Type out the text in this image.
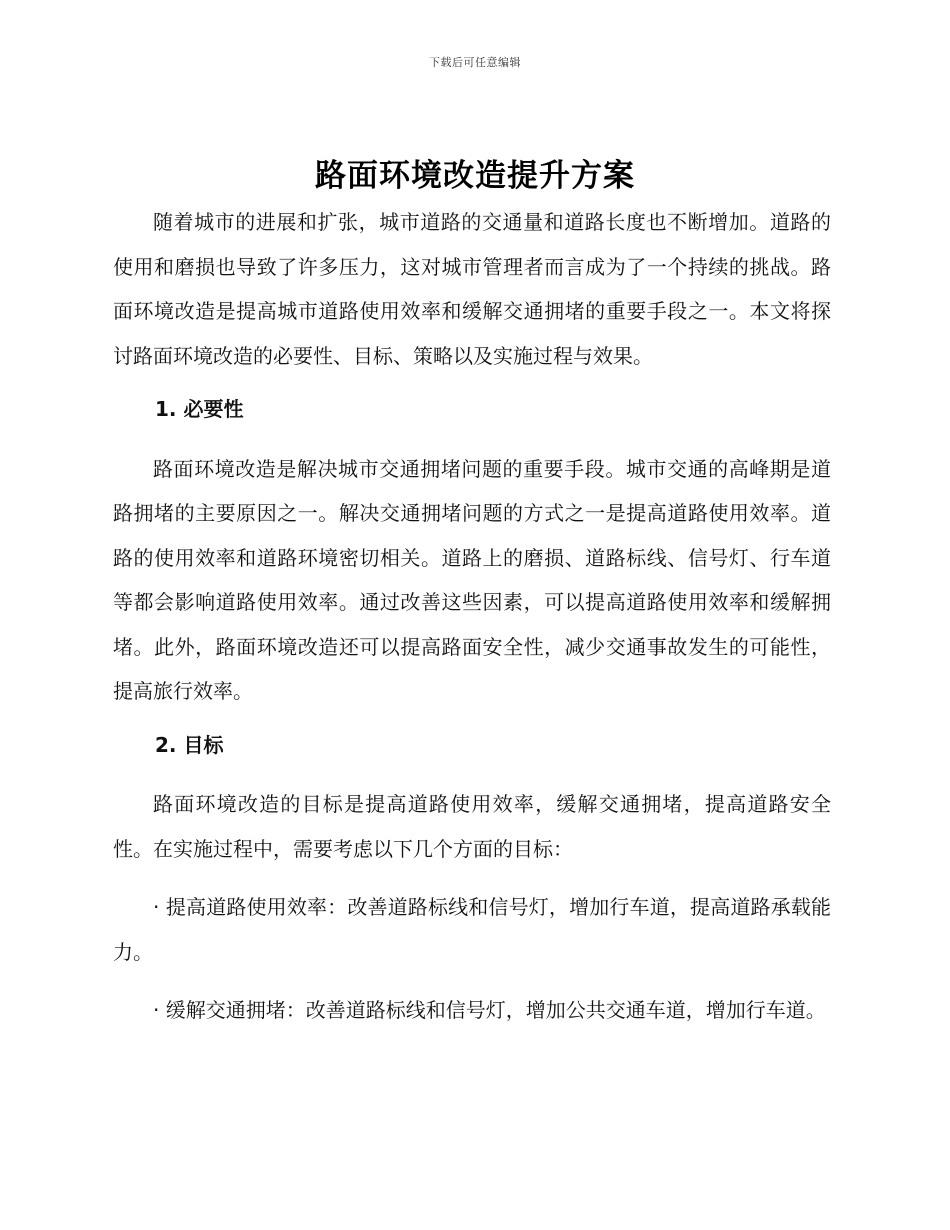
下载后可任意编辑
路面环境改造提升方案

随着城市的进展和扩张，城市道路的交通量和道路长度也不断增加。道路的使用和磨损也导致了许多压力，这对城市管理者而言成为了一个持续的挑战。路面环境改造是提高城市道路使用效率和缓解交通拥堵的重要手段之一。本文将探讨路面环境改造的必要性、目标、策略以及实施过程与效果。

1. 必要性

路面环境改造是解决城市交通拥堵问题的重要手段。城市交通的高峰期是道路拥堵的主要原因之一。解决交通拥堵问题的方式之一是提高道路使用效率。道路的使用效率和道路环境密切相关。道路上的磨损、道路标线、信号灯、行车道等都会影响道路使用效率。通过改善这些因素，可以提高道路使用效率和缓解拥堵。此外，路面环境改造还可以提高路面安全性，减少交通事故发生的可能性，提高旅行效率。

2. 目标

路面环境改造的目标是提高道路使用效率，缓解交通拥堵，提高道路安全性。在实施过程中，需要考虑以下几个方面的目标：

· 提高道路使用效率：改善道路标线和信号灯，增加行车道，提高道路承载能力。

· 缓解交通拥堵：改善道路标线和信号灯，增加公共交通车道，增加行车道。
